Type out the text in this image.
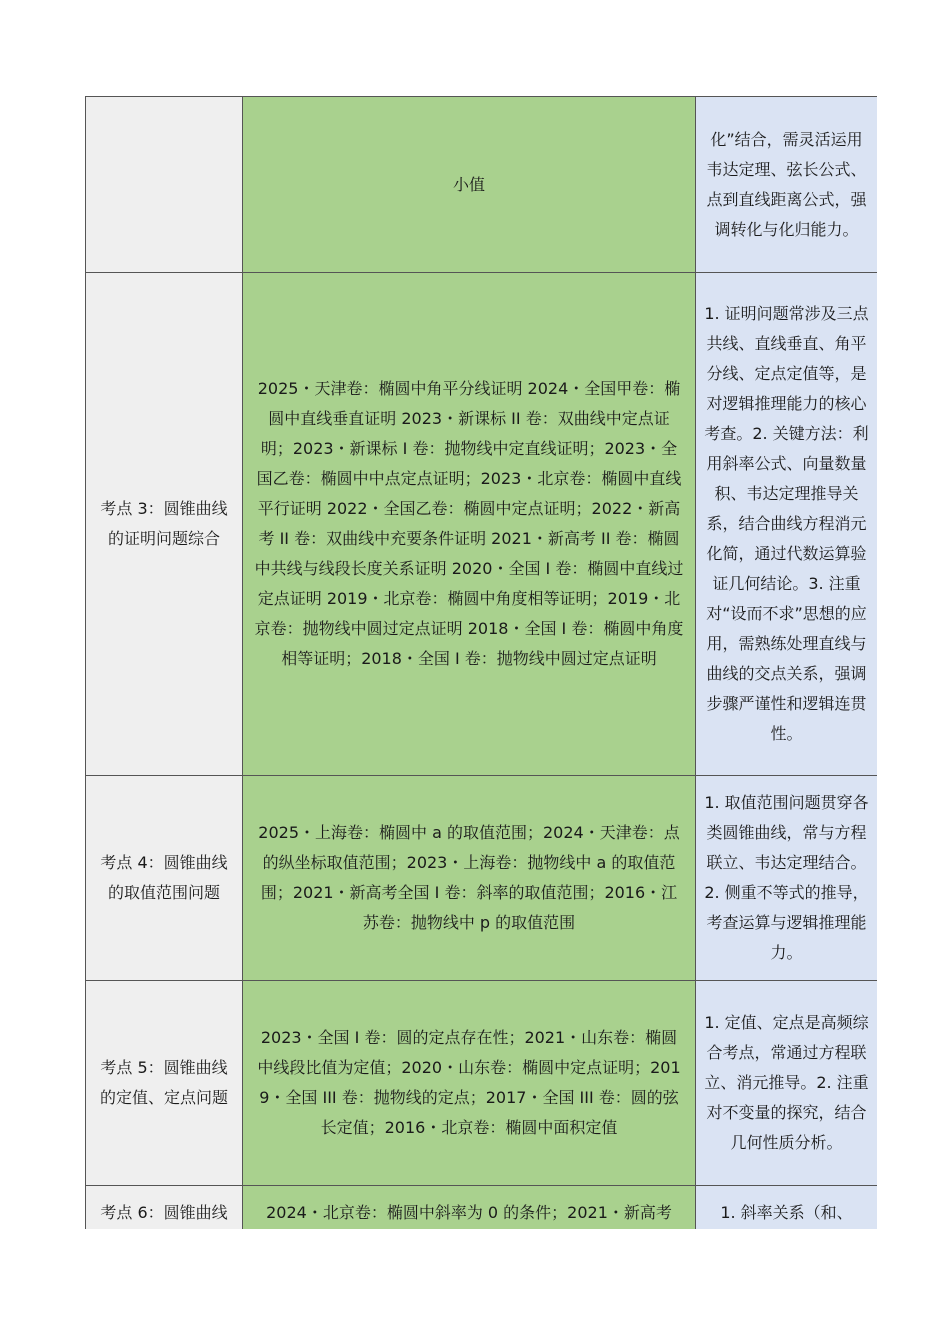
	小值	化”结合，需灵活运用韦达定理、弦长公式、点到直线距离公式，强调转化与化归能力。

考点 3：圆锥曲线的证明问题综合	2025・天津卷：椭圆中角平分线证明 2024・全国甲卷：椭圆中直线垂直证明 2023・新课标 II 卷：双曲线中定点证明；2023・新课标 I 卷：抛物线中定直线证明；2023・全国乙卷：椭圆中中点定点证明；2023・北京卷：椭圆中直线平行证明 2022・全国乙卷：椭圆中定点证明；2022・新高考 II 卷：双曲线中充要条件证明 2021・新高考 II 卷：椭圆中共线与线段长度关系证明 2020・全国 I 卷：椭圆中直线过定点证明 2019・北京卷：椭圆中角度相等证明；2019・北京卷：抛物线中圆过定点证明 2018・全国 I 卷：椭圆中角度相等证明；2018・全国 I 卷：抛物线中圆过定点证明	1. 证明问题常涉及三点共线、直线垂直、角平分线、定点定值等，是对逻辑推理能力的核心考查。2. 关键方法：利用斜率公式、向量数量积、韦达定理推导关系，结合曲线方程消元化简，通过代数运算验证几何结论。3. 注重对“设而不求”思想的应用，需熟练处理直线与曲线的交点关系，强调步骤严谨性和逻辑连贯性。

考点 4：圆锥曲线的取值范围问题	2025・上海卷：椭圆中 a 的取值范围；2024・天津卷：点的纵坐标取值范围；2023・上海卷：抛物线中 a 的取值范围；2021・新高考全国 I 卷：斜率的取值范围；2016・江苏卷：抛物线中 p 的取值范围	1. 取值范围问题贯穿各类圆锥曲线，常与方程联立、韦达定理结合。2. 侧重不等式的推导，考查运算与逻辑推理能力。

考点 5：圆锥曲线的定值、定点问题	2023・全国 I 卷：圆的定点存在性；2021・山东卷：椭圆中线段比值为定值；2020・山东卷：椭圆中定点证明；2019・全国 III 卷：抛物线的定点；2017・全国 III 卷：圆的弦长定值；2016・北京卷：椭圆中面积定值	1. 定值、定点是高频综合考点，常通过方程联立、消元推导。2. 注重对不变量的探究，结合几何性质分析。

考点 6：圆锥曲线	2024・北京卷：椭圆中斜率为 0 的条件；2021・新高考	1. 斜率关系（和、
